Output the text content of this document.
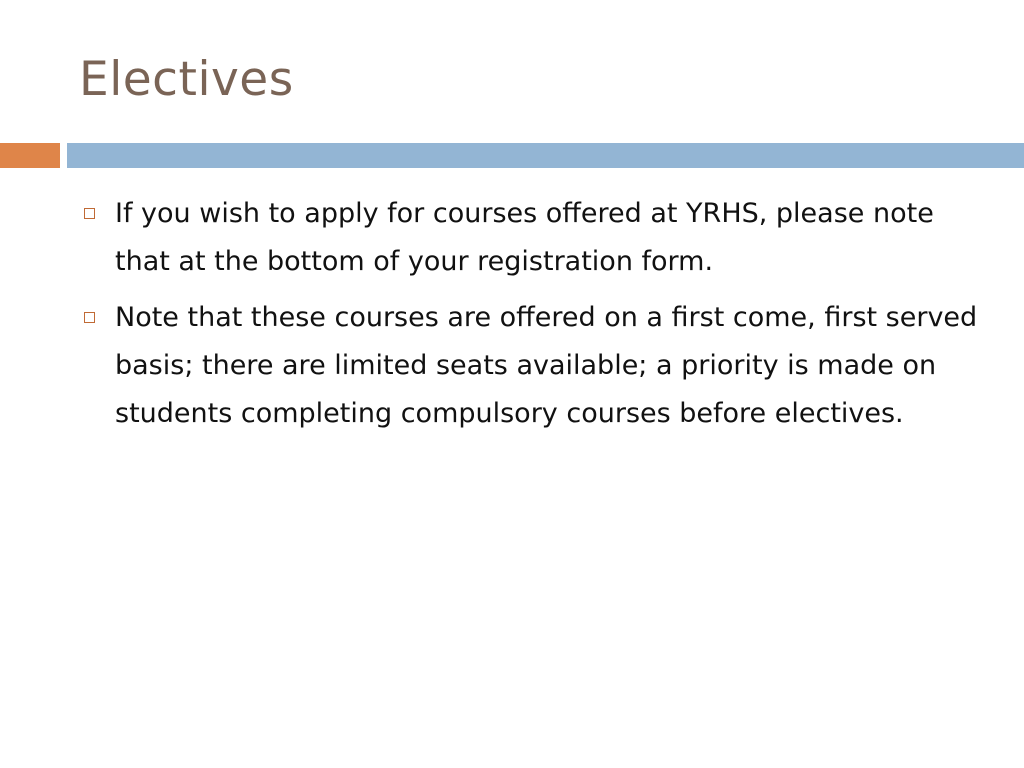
Electives
If you wish to apply for courses offered at YRHS, please note that at the bottom of your registration form.
Note that these courses are offered on a first come, first served basis; there are limited seats available; a priority is made on students completing compulsory courses before electives.
